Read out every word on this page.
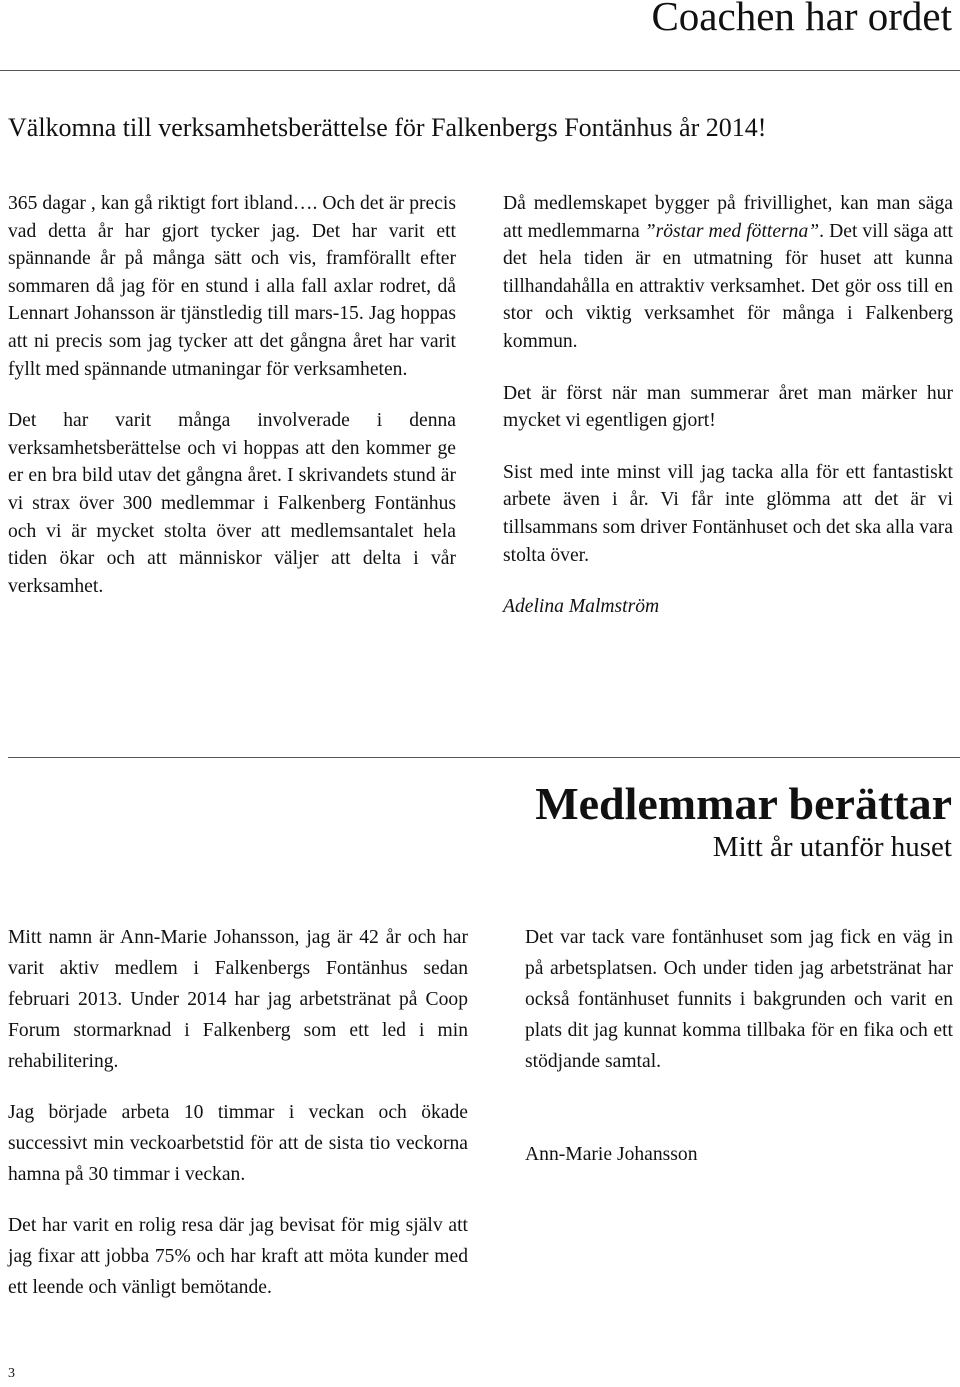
Coachen har ordet
Välkomna till verksamhetsberättelse för Falkenbergs Fontänhus år 2014!

365 dagar , kan gå riktigt fort ibland…. Och det är precis vad detta år har gjort tycker jag. Det har varit ett spännande år på många sätt och vis, framförallt efter sommaren då jag för en stund i alla fall axlar rodret, då Lennart Johansson är tjänstledig till mars-15. Jag hoppas att ni precis som jag tycker att det gångna året har varit fyllt med spännande utmaningar för verksamheten.

Det har varit många involverade i denna verksamhetsberättelse och vi hoppas att den kommer ge er en bra bild utav det gångna året. I skrivandets stund är vi strax över 300 medlemmar i Falkenberg Fontänhus och vi är mycket stolta över att medlemsantalet hela tiden ökar och att människor väljer att delta i vår verksamhet.

Då medlemskapet bygger på frivillighet, kan man säga att medlemmarna ”röstar med fötterna”. Det vill säga att det hela tiden är en utmatning för huset att kunna tillhandahålla en attraktiv verksamhet. Det gör oss till en stor och viktig verksamhet för många i Falkenberg kommun.

Det är först när man summerar året man märker hur mycket vi egentligen gjort!

Sist med inte minst vill jag tacka alla för ett fantastiskt arbete även i år. Vi får inte glömma att det är vi tillsammans som driver Fontänhuset och det ska alla vara stolta över.

Adelina Malmström

Medlemmar berättar
Mitt år utanför huset

Mitt namn är Ann-Marie Johansson, jag är 42 år och har varit aktiv medlem i Falkenbergs Fontänhus sedan februari 2013. Under 2014 har jag arbetstränat på Coop Forum stormarknad i Falkenberg som ett led i min rehabilitering.

Jag började arbeta 10 timmar i veckan och ökade successivt min veckoarbetstid för att de sista tio veckorna hamna på 30 timmar i veckan.

Det har varit en rolig resa där jag bevisat för mig själv att jag fixar att jobba 75% och har kraft att möta kunder med ett leende och vänligt bemötande.

Det var tack vare fontänhuset som jag fick en väg in på arbetsplatsen. Och under tiden jag arbetstränat har också fontänhuset funnits i bakgrunden och varit en plats dit jag kunnat komma tillbaka för en fika och ett stödjande samtal.

Ann-Marie Johansson

3
